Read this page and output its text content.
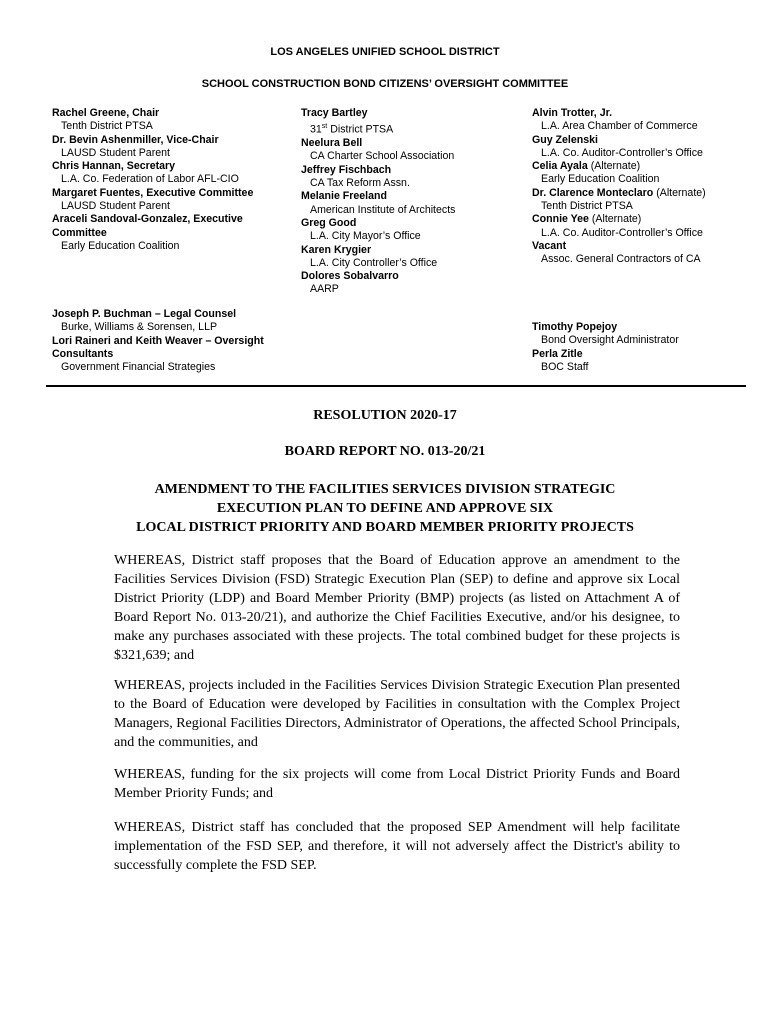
LOS ANGELES UNIFIED SCHOOL DISTRICT
SCHOOL CONSTRUCTION BOND CITIZENS’ OVERSIGHT COMMITTEE
Rachel Greene, Chair
Tenth District PTSA
Dr. Bevin Ashenmiller, Vice-Chair
LAUSD Student Parent
Chris Hannan, Secretary
L.A. Co. Federation of Labor AFL-CIO
Margaret Fuentes, Executive Committee
LAUSD Student Parent
Araceli Sandoval-Gonzalez, Executive Committee
Early Education Coalition
Tracy Bartley
31st District PTSA
Neelura Bell
CA Charter School Association
Jeffrey Fischbach
CA Tax Reform Assn.
Melanie Freeland
American Institute of Architects
Greg Good
L.A. City Mayor’s Office
Karen Krygier
L.A. City Controller’s Office
Dolores Sobalvarro
AARP
Alvin Trotter, Jr.
L.A. Area Chamber of Commerce
Guy Zelenski
L.A. Co. Auditor-Controller’s Office
Celia Ayala (Alternate)
Early Education Coalition
Dr. Clarence Monteclaro (Alternate)
Tenth District PTSA
Connie Yee (Alternate)
L.A. Co. Auditor-Controller’s Office
Vacant
Assoc. General Contractors of CA
Joseph P. Buchman – Legal Counsel
Burke, Williams & Sorensen, LLP
Lori Raineri and Keith Weaver – Oversight Consultants
Government Financial Strategies
Timothy Popejoy
Bond Oversight Administrator
Perla Zitle
BOC Staff
RESOLUTION 2020-17
BOARD REPORT NO. 013-20/21
AMENDMENT TO THE FACILITIES SERVICES DIVISION STRATEGIC
EXECUTION PLAN TO DEFINE AND APPROVE SIX
LOCAL DISTRICT PRIORITY AND BOARD MEMBER PRIORITY PROJECTS

WHEREAS, District staff proposes that the Board of Education approve an amendment to the Facilities Services Division (FSD) Strategic Execution Plan (SEP) to define and approve six Local District Priority (LDP) and Board Member Priority (BMP) projects (as listed on Attachment A of Board Report No. 013-20/21), and authorize the Chief Facilities Executive, and/or his designee, to make any purchases associated with these projects. The total combined budget for these projects is $321,639; and

WHEREAS, projects included in the Facilities Services Division Strategic Execution Plan presented to the Board of Education were developed by Facilities in consultation with the Complex Project Managers, Regional Facilities Directors, Administrator of Operations, the affected School Principals, and the communities, and

WHEREAS, funding for the six projects will come from Local District Priority Funds and Board Member Priority Funds; and

WHEREAS, District staff has concluded that the proposed SEP Amendment will help facilitate implementation of the FSD SEP, and therefore, it will not adversely affect the District's ability to successfully complete the FSD SEP.
